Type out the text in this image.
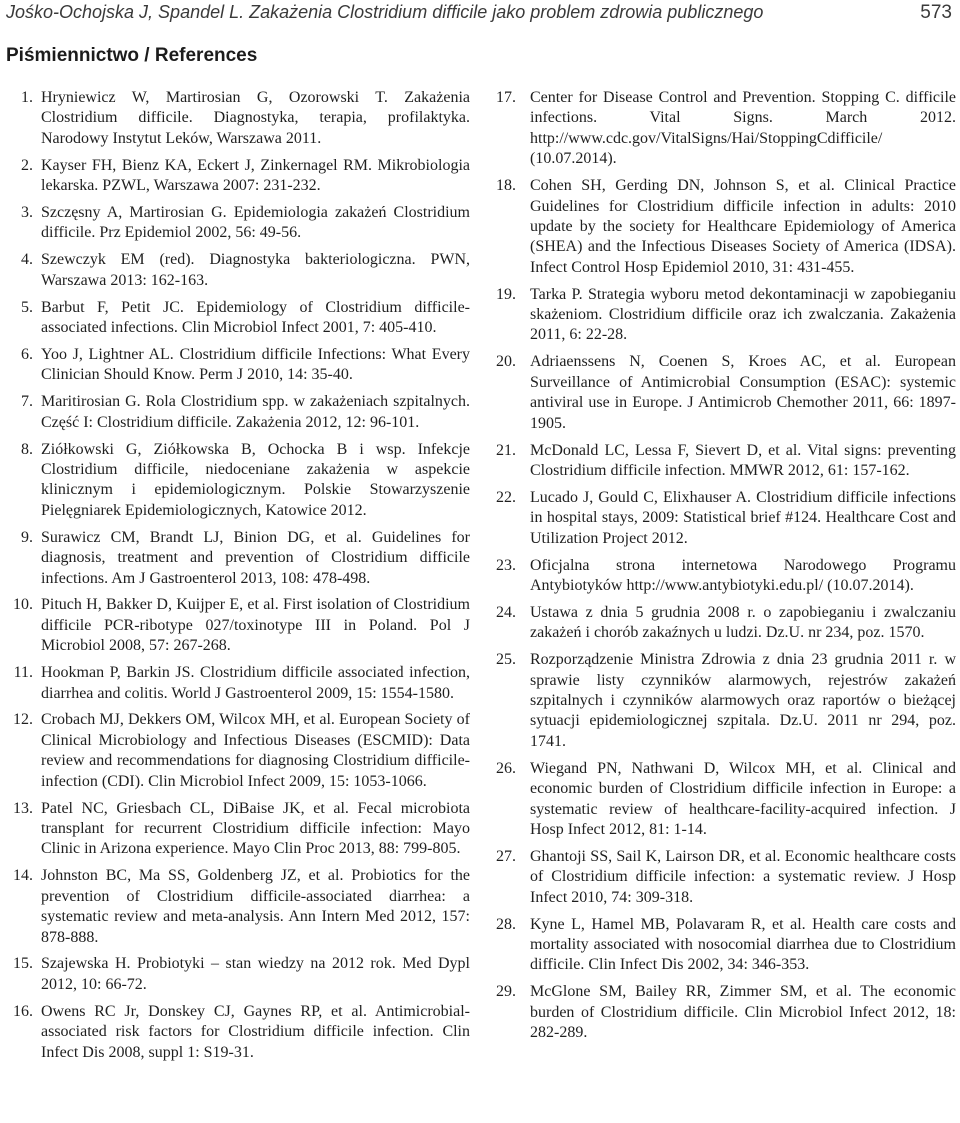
Jośko-Ochojska J, Spandel L. Zakażenia Clostridium difficile jako problem zdrowia publicznego	573
Piśmiennictwo / References
1. Hryniewicz W, Martirosian G, Ozorowski T. Zakażenia Clostridium difficile. Diagnostyka, terapia, profilaktyka. Narodowy Instytut Leków, Warszawa 2011.
2. Kayser FH, Bienz KA, Eckert J, Zinkernagel RM. Mikrobiologia lekarska. PZWL, Warszawa 2007: 231-232.
3. Szczęsny A, Martirosian G. Epidemiologia zakażeń Clostridium difficile. Prz Epidemiol 2002, 56: 49-56.
4. Szewczyk EM (red). Diagnostyka bakteriologiczna. PWN, Warszawa 2013: 162-163.
5. Barbut F, Petit JC. Epidemiology of Clostridium difficile-associated infections. Clin Microbiol Infect 2001, 7: 405-410.
6. Yoo J, Lightner AL. Clostridium difficile Infections: What Every Clinician Should Know. Perm J 2010, 14: 35-40.
7. Maritirosian G. Rola Clostridium spp. w zakażeniach szpitalnych. Część I: Clostridium difficile. Zakażenia 2012, 12: 96-101.
8. Ziółkowski G, Ziółkowska B, Ochocka B i wsp. Infekcje Clostridium difficile, niedoceniane zakażenia w aspekcie klinicznym i epidemiologicznym. Polskie Stowarzyszenie Pielęgniarek Epidemiologicznych, Katowice 2012.
9. Surawicz CM, Brandt LJ, Binion DG, et al. Guidelines for diagnosis, treatment and prevention of Clostridium difficile infections. Am J Gastroenterol 2013, 108: 478-498.
10. Pituch H, Bakker D, Kuijper E, et al. First isolation of Clostridium difficile PCR-ribotype 027/toxinotype III in Poland. Pol J Microbiol 2008, 57: 267-268.
11. Hookman P, Barkin JS. Clostridium difficile associated infection, diarrhea and colitis. World J Gastroenterol 2009, 15: 1554-1580.
12. Crobach MJ, Dekkers OM, Wilcox MH, et al. European Society of Clinical Microbiology and Infectious Diseases (ESCMID): Data review and recommendations for diagnosing Clostridium difficile-infection (CDI). Clin Microbiol Infect 2009, 15: 1053-1066.
13. Patel NC, Griesbach CL, DiBaise JK, et al. Fecal microbiota transplant for recurrent Clostridium difficile infection: Mayo Clinic in Arizona experience. Mayo Clin Proc 2013, 88: 799-805.
14. Johnston BC, Ma SS, Goldenberg JZ, et al. Probiotics for the prevention of Clostridium difficile-associated diarrhea: a systematic review and meta-analysis. Ann Intern Med 2012, 157: 878-888.
15. Szajewska H. Probiotyki – stan wiedzy na 2012 rok. Med Dypl 2012, 10: 66-72.
16. Owens RC Jr, Donskey CJ, Gaynes RP, et al. Antimicrobial-associated risk factors for Clostridium difficile infection. Clin Infect Dis 2008, suppl 1: S19-31.
17. Center for Disease Control and Prevention. Stopping C. difficile infections. Vital Signs. March 2012. http://www.cdc.gov/VitalSigns/Hai/StoppingCdifficile/ (10.07.2014).
18. Cohen SH, Gerding DN, Johnson S, et al. Clinical Practice Guidelines for Clostridium difficile infection in adults: 2010 update by the society for Healthcare Epidemiology of America (SHEA) and the Infectious Diseases Society of America (IDSA). Infect Control Hosp Epidemiol 2010, 31: 431-455.
19. Tarka P. Strategia wyboru metod dekontaminacji w zapobieganiu skażeniom. Clostridium difficile oraz ich zwalczania. Zakażenia 2011, 6: 22-28.
20. Adriaenssens N, Coenen S, Kroes AC, et al. European Surveillance of Antimicrobial Consumption (ESAC): systemic antiviral use in Europe. J Antimicrob Chemother 2011, 66: 1897-1905.
21. McDonald LC, Lessa F, Sievert D, et al. Vital signs: preventing Clostridium difficile infection. MMWR 2012, 61: 157-162.
22. Lucado J, Gould C, Elixhauser A. Clostridium difficile infections in hospital stays, 2009: Statistical brief #124. Healthcare Cost and Utilization Project 2012.
23. Oficjalna strona internetowa Narodowego Programu Antybiotyków http://www.antybiotyki.edu.pl/ (10.07.2014).
24. Ustawa z dnia 5 grudnia 2008 r. o zapobieganiu i zwalczaniu zakażeń i chorób zakaźnych u ludzi. Dz.U. nr 234, poz. 1570.
25. Rozporządzenie Ministra Zdrowia z dnia 23 grudnia 2011 r. w sprawie listy czynników alarmowych, rejestrów zakażeń szpitalnych i czynników alarmowych oraz raportów o bieżącej sytuacji epidemiologicznej szpitala. Dz.U. 2011 nr 294, poz. 1741.
26. Wiegand PN, Nathwani D, Wilcox MH, et al. Clinical and economic burden of Clostridium difficile infection in Europe: a systematic review of healthcare-facility-acquired infection. J Hosp Infect 2012, 81: 1-14.
27. Ghantoji SS, Sail K, Lairson DR, et al. Economic healthcare costs of Clostridium difficile infection: a systematic review. J Hosp Infect 2010, 74: 309-318.
28. Kyne L, Hamel MB, Polavaram R, et al. Health care costs and mortality associated with nosocomial diarrhea due to Clostridium difficile. Clin Infect Dis 2002, 34: 346-353.
29. McGlone SM, Bailey RR, Zimmer SM, et al. The economic burden of Clostridium difficile. Clin Microbiol Infect 2012, 18: 282-289.
